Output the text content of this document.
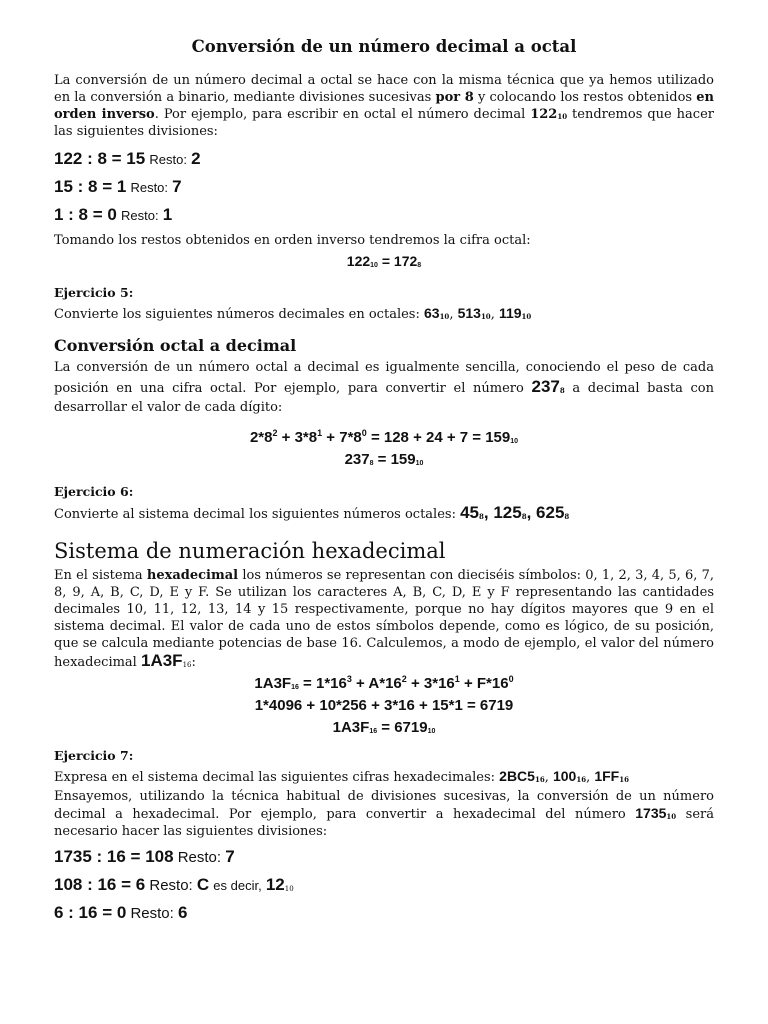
Conversión de un número decimal a octal

La conversión de un número decimal a octal se hace con la misma técnica que ya hemos utilizado en la conversión a binario, mediante divisiones sucesivas por 8 y colocando los restos obtenidos en orden inverso. Por ejemplo, para escribir en octal el número decimal $122_{10}$ tendremos que hacer las siguientes divisiones:

122 : 8 = 15 Resto: 2

15 : 8 = 1 Resto: 7

1 : 8 = 0 Resto: 1

Tomando los restos obtenidos en orden inverso tendremos la cifra octal:

$122_{10} = 172_8$

Ejercicio 5:

Convierte los siguientes números decimales en octales: $63_{10}$, $513_{10}$, $119_{10}$

Conversión octal a decimal

La conversión de un número octal a decimal es igualmente sencilla, conociendo el peso de cada posición en una cifra octal. Por ejemplo, para convertir el número $237_8$ a decimal basta con desarrollar el valor de cada dígito:

$2*8^2 + 3*8^1 + 7*8^0 = 128 + 24 + 7 = 159_{10}$

$237_8 = 159_{10}$

Ejercicio 6:

Convierte al sistema decimal los siguientes números octales: $45_8$, $125_8$, $625_8$

Sistema de numeración hexadecimal

En el sistema hexadecimal los números se representan con dieciséis símbolos: 0, 1, 2, 3, 4, 5, 6, 7, 8, 9, A, B, C, D, E y F. Se utilizan los caracteres A, B, C, D, E y F representando las cantidades decimales 10, 11, 12, 13, 14 y 15 respectivamente, porque no hay dígitos mayores que 9 en el sistema decimal. El valor de cada uno de estos símbolos depende, como es lógico, de su posición, que se calcula mediante potencias de base 16. Calculemos, a modo de ejemplo, el valor del número hexadecimal $1A3F_{16}$:

$1A3F_{16} = 1*16^3 + A*16^2 + 3*16^1 + F*16^0$

1*4096 + 10*256 + 3*16 + 15*1 = 6719

$1A3F_{16} = 6719_{10}$

Ejercicio 7:

Expresa en el sistema decimal las siguientes cifras hexadecimales: $2BC5_{16}$, $100_{16}$, $1FF_{16}$

Ensayemos, utilizando la técnica habitual de divisiones sucesivas, la conversión de un número decimal a hexadecimal. Por ejemplo, para convertir a hexadecimal del número $1735_{10}$ será necesario hacer las siguientes divisiones:

1735 : 16 = 108 Resto: 7

108 : 16 = 6 Resto: C es decir, $12_{10}$

6 : 16 = 0 Resto: 6
